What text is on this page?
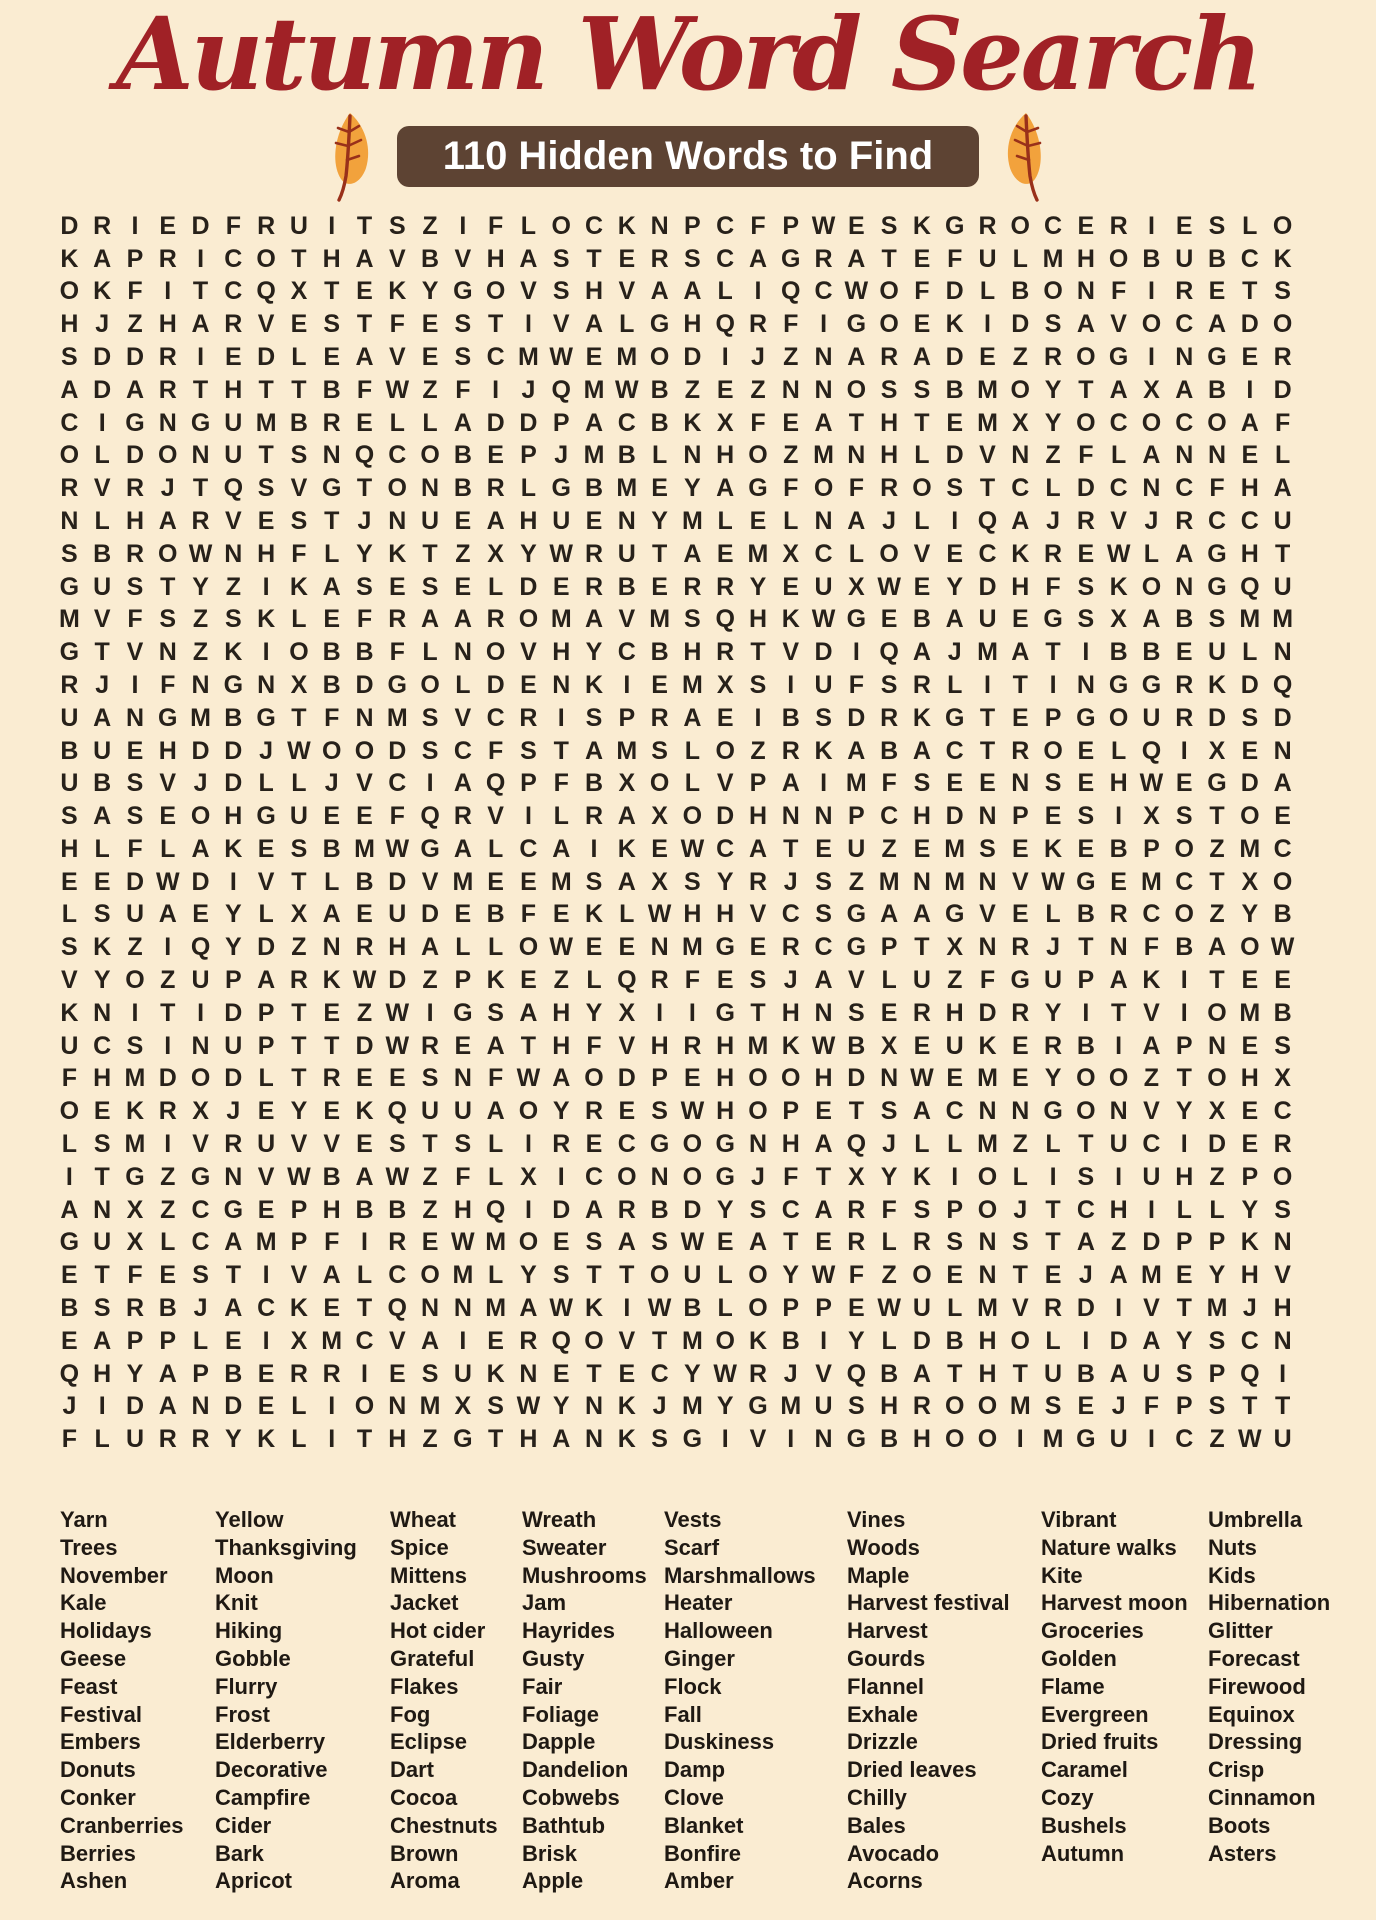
Autumn Word Search
110 Hidden Words to Find
D R I E D F R U I T S Z I F L O C K N P C F P W E S K G R O C E R I E S L O
K A P R I C O T H A V B V H A S T E R S C A G R A T E F U L M H O B U B C K
O K F I T C Q X T E K Y G O V S H V A A L I Q C W O F D L B O N F I R E T S
H J Z H A R V E S T F E S T I V A L G H Q R F I G O E K I D S A V O C A D O
S D D R I E D L E A V E S C M W E M O D I J Z N A R A D E Z R O G I N G E R
A D A R T H T T B F W Z F I J Q M W B Z E Z N N O S S B M O Y T A X A B I D
C I G N G U M B R E L L A D D P A C B K X F E A T H T E M X Y O C O C O A F
O L D O N U T S N Q C O B E P J M B L N H O Z M N H L D V N Z F L A N N E L
R V R J T Q S V G T O N B R L G B M E Y A G F O F R O S T C L D C N C F H A
N L H A R V E S T J N U E A H U E N Y M L E L N A J L I Q A J R V J R C C U
S B R O W N H F L Y K T Z X Y W R U T A E M X C L O V E C K R E W L A G H T
G U S T Y Z I K A S E S E L D E R B E R R Y E U X W E Y D H F S K O N G Q U
M V F S Z S K L E F R A A R O M A V M S Q H K W G E B A U E G S X A B S M M
G T V N Z K I O B B F L N O V H Y C B H R T V D I Q A J M A T I B B E U L N
R J I F N G N X B D G O L D E N K I E M X S I U F S R L I T I N G G R K D Q
U A N G M B G T F N M S V C R I S P R A E I B S D R K G T E P G O U R D S D
B U E H D D J W O O D S C F S T A M S L O Z R K A B A C T R O E L Q I X E N
U B S V J D L L J V C I A Q P F B X O L V P A I M F S E E N S E H W E G D A
S A S E O H G U E E F Q R V I L R A X O D H N N P C H D N P E S I X S T O E
H L F L A K E S B M W G A L C A I K E W C A T E U Z E M S E K E B P O Z M C
E E D W D I V T L B D V M E E M S A X S Y R J S Z M N M N V W G E M C T X O
L S U A E Y L X A E U D E B F E K L W H H V C S G A A G V E L B R C O Z Y B
S K Z I Q Y D Z N R H A L L O W E E N M G E R C G P T X N R J T N F B A O W
V Y O Z U P A R K W D Z P K E Z L Q R F E S J A V L U Z F G U P A K I T E E
K N I T I D P T E Z W I G S A H Y X I	I G T H N S E R H D R Y I T V I O M B
U C S I N U P T T D W R E A T H F V H R H M K W B X E U K E R B I A P N E S
F H M D O D L T R E E S N F W A O D P E H O O H D N W E M E Y O O Z T O H X
O E K R X J E Y E K Q U U A O Y R E S W H O P E T S A C N N G O N V Y X E C
L S M I V R U V V E S T S L I R E C G O G N H A Q J L L M Z L T U C I D E R
I T G Z G N V W B A W Z F L X I C O N O G J F T X Y K I O L I S I U H Z P O
A N X Z C G E P H B B Z H Q I D A R B D Y S C A R F S P O J T C H I L L Y S
G U X L C A M P F I R E W M O E S A S W E A T E R L R S N S T A Z D P P K N
E T F E S T I V A L C O M L Y S T T O U L O Y W F Z O E N T E J A M E Y H V
B S R B J A C K E T Q N N M A W K I W B L O P P E W U L M V R D I V T M J H
E A P P L E I X M C V A I E R Q O V T M O K B I Y L D B H O L I D A Y S C N
Q H Y A P B E R R I E S U K N E T E C Y W R J V Q B A T H T U B A U S P Q I
J I D A N D E L I O N M X S W Y N K J M Y G M U S H R O O M S E J F P S T T
F L U R R Y K L I T H Z G T H A N K S G I V I N G B H O O I M G U I C Z W U
Yarn
Trees
November
Kale
Holidays
Geese
Feast
Festival
Embers
Donuts
Conker
Cranberries
Berries
Ashen
Yellow
Thanksgiving
Moon
Knit
Hiking
Gobble
Flurry
Frost
Elderberry
Decorative
Campfire
Cider
Bark
Apricot
Wheat
Spice
Mittens
Jacket
Hot cider
Grateful
Flakes
Fog
Eclipse
Dart
Cocoa
Chestnuts
Brown
Aroma
Wreath
Sweater
Mushrooms
Jam
Hayrides
Gusty
Fair
Foliage
Dapple
Dandelion
Cobwebs
Bathtub
Brisk
Apple
Vests
Scarf
Marshmallows
Heater
Halloween
Ginger
Flock
Fall
Duskiness
Damp
Clove
Blanket
Bonfire
Amber
Vines
Woods
Maple
Harvest festival
Harvest
Gourds
Flannel
Exhale
Drizzle
Dried leaves
Chilly
Bales
Avocado
Acorns
Vibrant
Nature walks
Kite
Harvest moon
Groceries
Golden
Flame
Evergreen
Dried fruits
Caramel
Cozy
Bushels
Autumn
Umbrella
Nuts
Kids
Hibernation
Glitter
Forecast
Firewood
Equinox
Dressing
Crisp
Cinnamon
Boots
Asters
